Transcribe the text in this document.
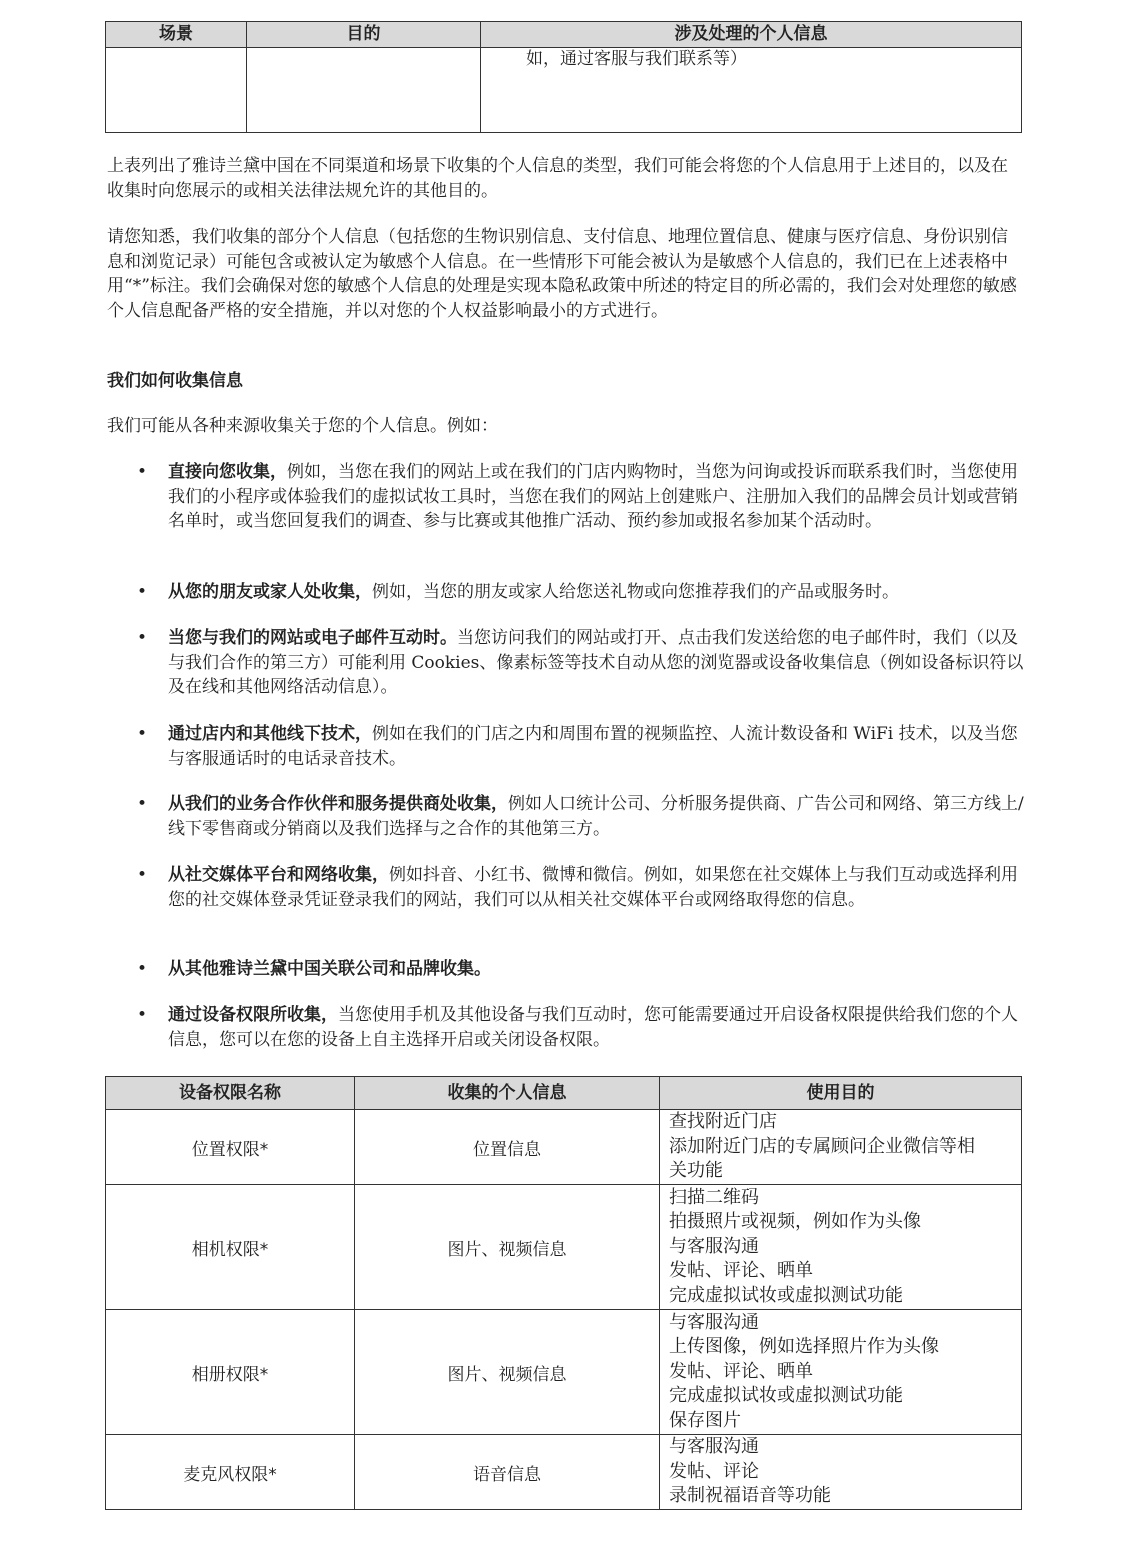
场景	目的	涉及处理的个人信息
		如，通过客服与我们联系等）

上表列出了雅诗兰黛中国在不同渠道和场景下收集的个人信息的类型，我们可能会将您的个人信息用于上述目的，以及在收集时向您展示的或相关法律法规允许的其他目的。

请您知悉，我们收集的部分个人信息（包括您的生物识别信息、支付信息、地理位置信息、健康与医疗信息、身份识别信息和浏览记录）可能包含或被认定为敏感个人信息。在一些情形下可能会被认为是敏感个人信息的，我们已在上述表格中用“*”标注。我们会确保对您的敏感个人信息的处理是实现本隐私政策中所述的特定目的所必需的，我们会对处理您的敏感个人信息配备严格的安全措施，并以对您的个人权益影响最小的方式进行。

我们如何收集信息

我们可能从各种来源收集关于您的个人信息。例如：

• 直接向您收集，例如，当您在我们的网站上或在我们的门店内购物时，当您为问询或投诉而联系我们时，当您使用我们的小程序或体验我们的虚拟试妆工具时，当您在我们的网站上创建账户、注册加入我们的品牌会员计划或营销名单时，或当您回复我们的调查、参与比赛或其他推广活动、预约参加或报名参加某个活动时。
• 从您的朋友或家人处收集，例如，当您的朋友或家人给您送礼物或向您推荐我们的产品或服务时。
• 当您与我们的网站或电子邮件互动时。当您访问我们的网站或打开、点击我们发送给您的电子邮件时，我们（以及与我们合作的第三方）可能利用 Cookies、像素标签等技术自动从您的浏览器或设备收集信息（例如设备标识符以及在线和其他网络活动信息）。
• 通过店内和其他线下技术，例如在我们的门店之内和周围布置的视频监控、人流计数设备和 WiFi 技术，以及当您与客服通话时的电话录音技术。
• 从我们的业务合作伙伴和服务提供商处收集，例如人口统计公司、分析服务提供商、广告公司和网络、第三方线上/线下零售商或分销商以及我们选择与之合作的其他第三方。
• 从社交媒体平台和网络收集，例如抖音、小红书、微博和微信。例如，如果您在社交媒体上与我们互动或选择利用您的社交媒体登录凭证登录我们的网站，我们可以从相关社交媒体平台或网络取得您的信息。
• 从其他雅诗兰黛中国关联公司和品牌收集。
• 通过设备权限所收集，当您使用手机及其他设备与我们互动时，您可能需要通过开启设备权限提供给我们您的个人信息，您可以在您的设备上自主选择开启或关闭设备权限。
设备权限名称	收集的个人信息	使用目的
位置权限*	位置信息	查找附近门店
添加附近门店的专属顾问企业微信等相
关功能

相机权限*	图片、视频信息	扫描二维码
拍摄照片或视频，例如作为头像
与客服沟通
发帖、评论、晒单
完成虚拟试妆或虚拟测试功能

相册权限*	图片、视频信息	与客服沟通
上传图像，例如选择照片作为头像
发帖、评论、晒单
完成虚拟试妆或虚拟测试功能
保存图片

麦克风权限*	语音信息	与客服沟通
发帖、评论
录制祝福语音等功能
